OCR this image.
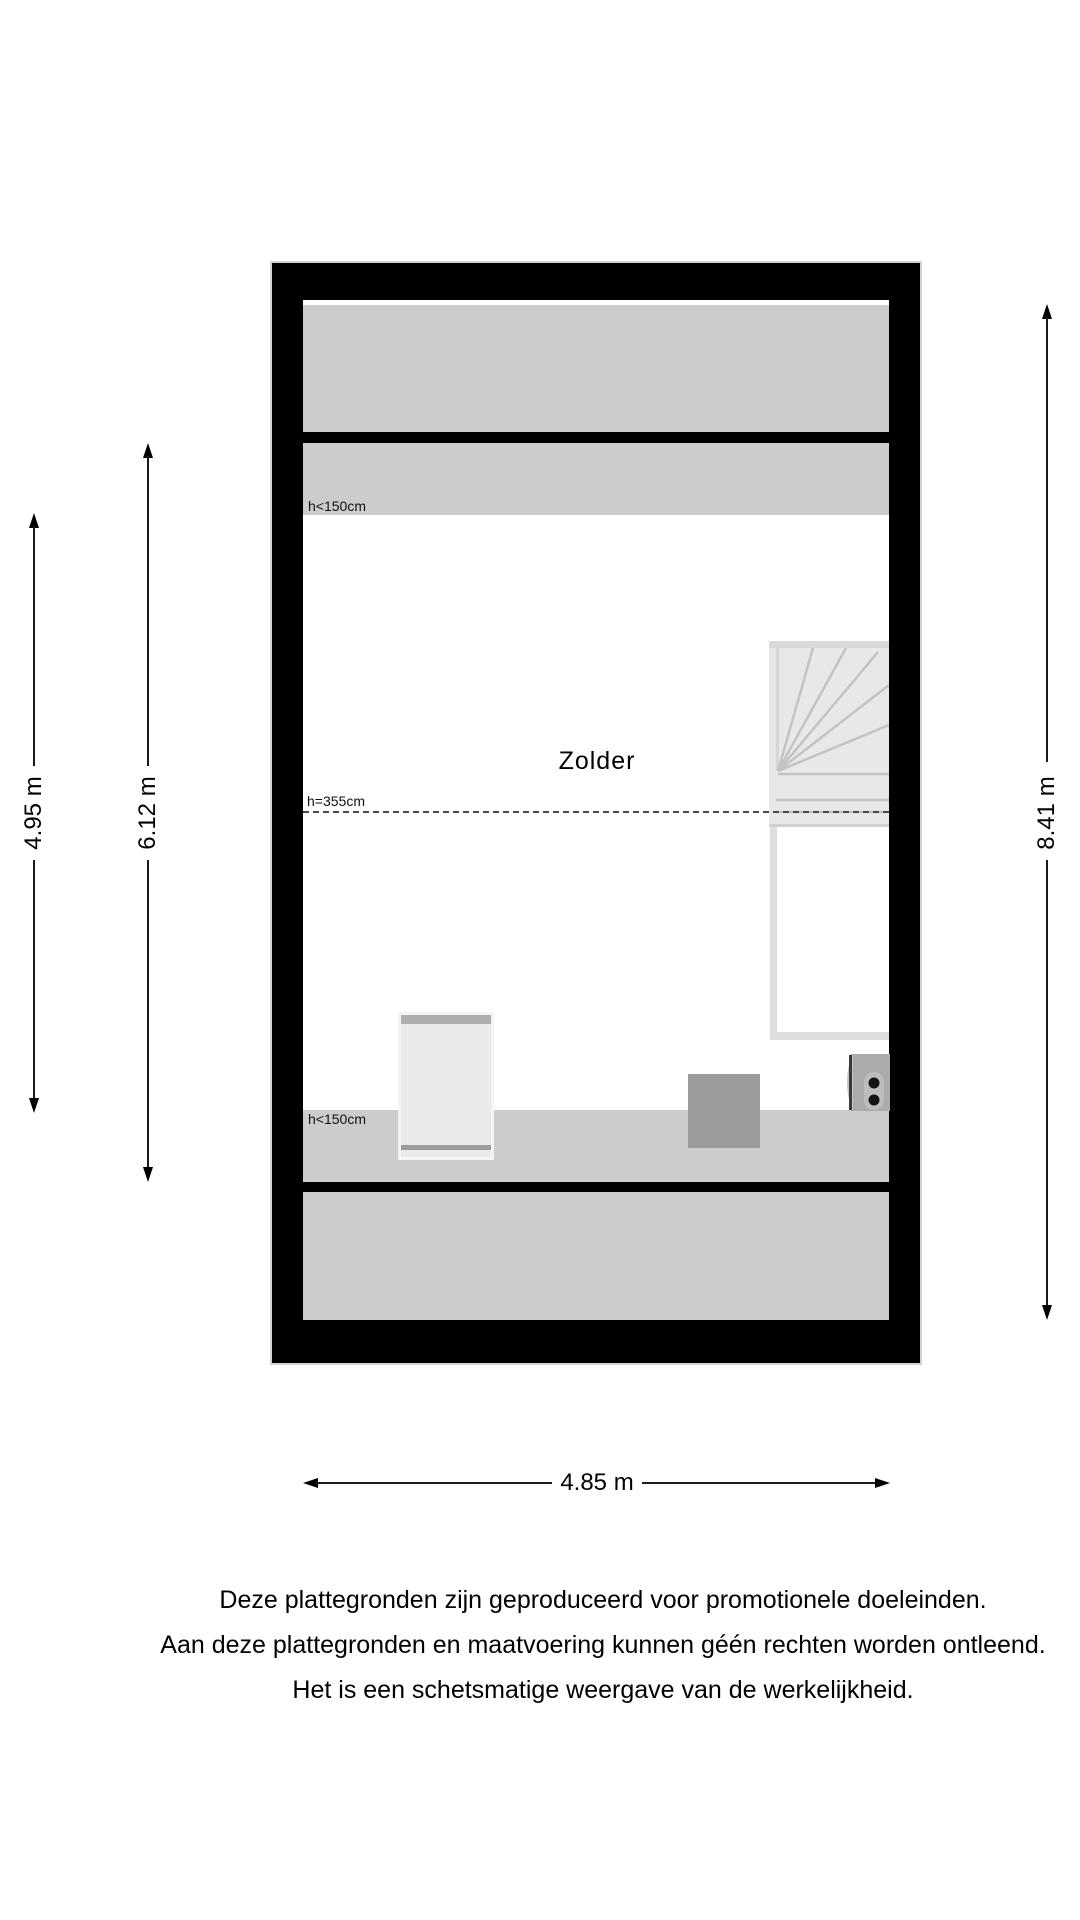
h<150cm
h<150cm
h=355cm
Zolder
4.95 m	6.12 m	8.41 m
4.85 m
Deze plattegronden zijn geproduceerd voor promotionele doeleinden.
Aan deze plattegronden en maatvoering kunnen géén rechten worden ontleend.
Het is een schetsmatige weergave van de werkelijkheid.
